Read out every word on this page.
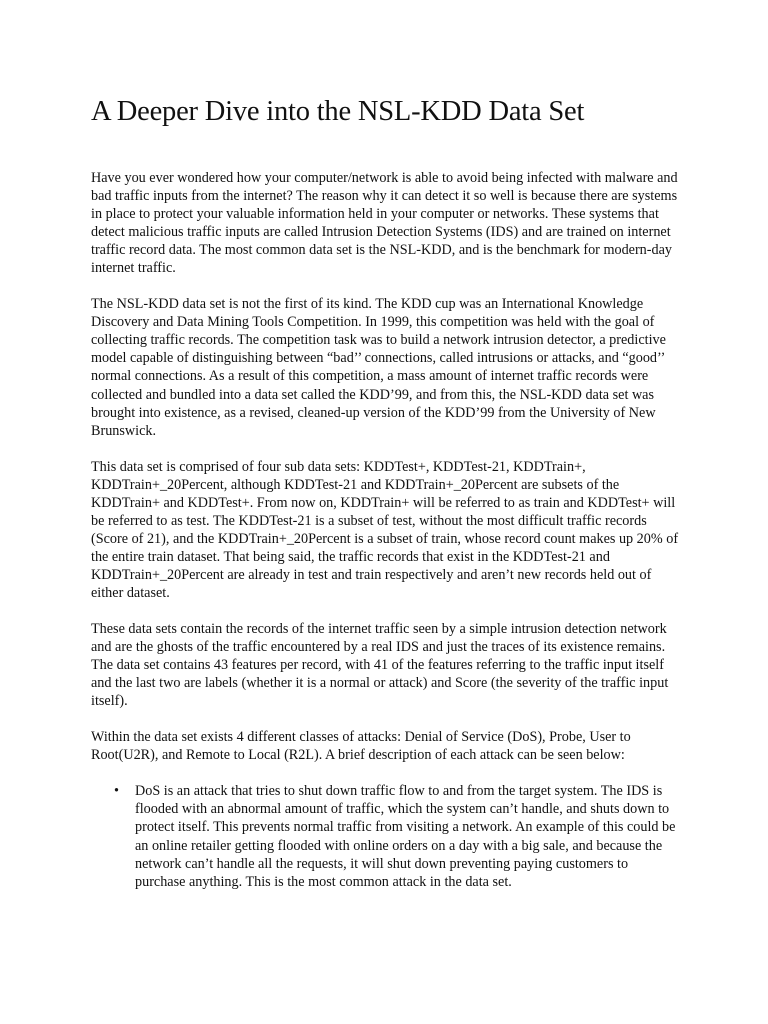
A Deeper Dive into the NSL-KDD Data Set

Have you ever wondered how your computer/network is able to avoid being infected with malware and bad traffic inputs from the internet? The reason why it can detect it so well is because there are systems in place to protect your valuable information held in your computer or networks. These systems that detect malicious traffic inputs are called Intrusion Detection Systems (IDS) and are trained on internet traffic record data. The most common data set is the NSL-KDD, and is the benchmark for modern-day internet traffic.

The NSL-KDD data set is not the first of its kind. The KDD cup was an International Knowledge Discovery and Data Mining Tools Competition. In 1999, this competition was held with the goal of collecting traffic records. The competition task was to build a network intrusion detector, a predictive model capable of distinguishing between “bad’’ connections, called intrusions or attacks, and “good’’ normal connections. As a result of this competition, a mass amount of internet traffic records were collected and bundled into a data set called the KDD’99, and from this, the NSL-KDD data set was brought into existence, as a revised, cleaned-up version of the KDD’99 from the University of New Brunswick.

This data set is comprised of four sub data sets: KDDTest+, KDDTest-21, KDDTrain+, KDDTrain+_20Percent, although KDDTest-21 and KDDTrain+_20Percent are subsets of the KDDTrain+ and KDDTest+. From now on, KDDTrain+ will be referred to as train and KDDTest+ will be referred to as test. The KDDTest-21 is a subset of test, without the most difficult traffic records (Score of 21), and the KDDTrain+_20Percent is a subset of train, whose record count makes up 20% of the entire train dataset. That being said, the traffic records that exist in the KDDTest-21 and KDDTrain+_20Percent are already in test and train respectively and aren’t new records held out of either dataset.

These data sets contain the records of the internet traffic seen by a simple intrusion detection network and are the ghosts of the traffic encountered by a real IDS and just the traces of its existence remains. The data set contains 43 features per record, with 41 of the features referring to the traffic input itself and the last two are labels (whether it is a normal or attack) and Score (the severity of the traffic input itself).

Within the data set exists 4 different classes of attacks: Denial of Service (DoS), Probe, User to Root(U2R), and Remote to Local (R2L). A brief description of each attack can be seen below:

• DoS is an attack that tries to shut down traffic flow to and from the target system. The IDS is flooded with an abnormal amount of traffic, which the system can’t handle, and shuts down to protect itself. This prevents normal traffic from visiting a network. An example of this could be an online retailer getting flooded with online orders on a day with a big sale, and because the network can’t handle all the requests, it will shut down preventing paying customers to purchase anything. This is the most common attack in the data set.
